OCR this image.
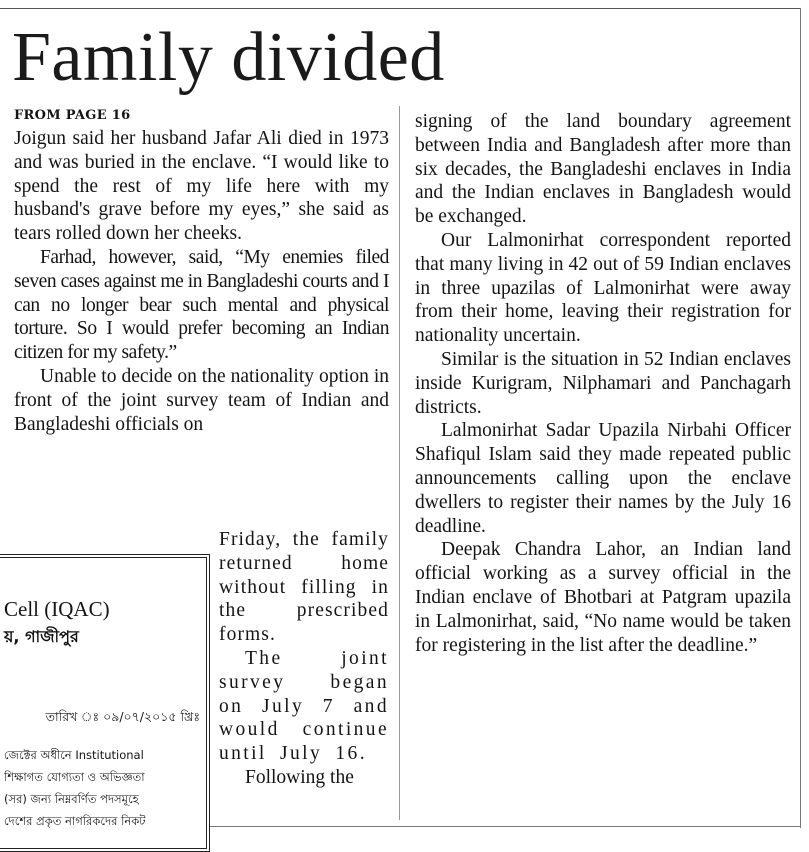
Family divided
FROM PAGE 16

Joigun said her husband Jafar Ali died in 1973 and was buried in the enclave. “I would like to spend the rest of my life here with my husband's grave before my eyes,” she said as tears rolled down her cheeks.

Farhad, however, said, “My enemies filed seven cases against me in Bangladeshi courts and I can no longer bear such mental and physical torture. So I would prefer becoming an Indian citizen for my safety.”

Unable to decide on the nationality option in front of the joint survey team of Indian and Bangladeshi officials on

Friday, the family returned home without filling in the prescribed forms.

The joint survey began on July 7 and would continue until July 16.

Following the

signing of the land boundary agreement between India and Bangladesh after more than six decades, the Bangladeshi enclaves in India and the Indian enclaves in Bangladesh would be exchanged.

Our Lalmonirhat correspondent reported that many living in 42 out of 59 Indian enclaves in three upazilas of Lalmonirhat were away from their home, leaving their registration for nationality uncertain.

Similar is the situation in 52 Indian enclaves inside Kurigram, Nilphamari and Panchagarh districts.

Lalmonirhat Sadar Upazila Nirbahi Officer Shafiqul Islam said they made repeated public announcements calling upon the enclave dwellers to register their names by the July 16 deadline.

Deepak Chandra Lahor, an Indian land official working as a survey official in the Indian enclave of Bhotbari at Patgram upazila in Lalmonirhat, said, “No name would be taken for registering in the list after the deadline.”

Cell (IQAC)
য়, গাজীপুর
তারিখ ঃ ০৯/০৭/২০১৫ খ্রিঃ
জেক্টের অধীনে Institutional
শিক্ষাগত যোগ্যতা ও অভিজ্ঞতা
(সর) জন্য নিম্নবর্ণিত পদসমূহে
দেশের প্রকৃত নাগরিকদের নিকট
